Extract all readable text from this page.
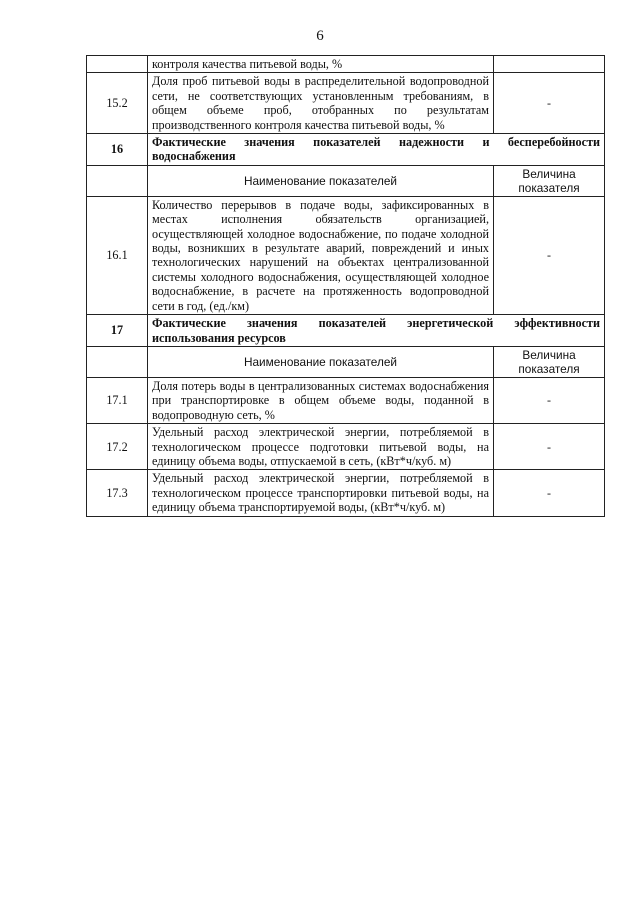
6
	контроля качества питьевой воды, %	
15.2	Доля проб питьевой воды в распределительной водопроводной сети, не соответствующих установленным требованиям, в общем объеме проб, отобранных по результатам производственного контроля качества питьевой воды, %	-
16	Фактические значения показателей надежности и бесперебойности водоснабжения	
	Наименование показателей	Величина показателя
16.1	Количество перерывов в подаче воды, зафиксированных в местах исполнения обязательств организацией, осуществляющей холодное водоснабжение, по подаче холодной воды, возникших в результате аварий, повреждений и иных технологических нарушений на объектах централизованной системы холодного водоснабжения, осуществляющей холодное водоснабжение, в расчете на протяженность водопроводной сети в год, (ед./км)	-
17	Фактические значения показателей энергетической эффективности использования ресурсов	
	Наименование показателей	Величина показателя
17.1	Доля потерь воды в централизованных системах водоснабжения при транспортировке в общем объеме воды, поданной в водопроводную сеть, %	-
17.2	Удельный расход электрической энергии, потребляемой в технологическом процессе подготовки питьевой воды, на единицу объема воды, отпускаемой в сеть, (кВт*ч/куб. м)	-
17.3	Удельный расход электрической энергии, потребляемой в технологическом процессе транспортировки питьевой воды, на единицу объема транспортируемой воды, (кВт*ч/куб. м)	-
